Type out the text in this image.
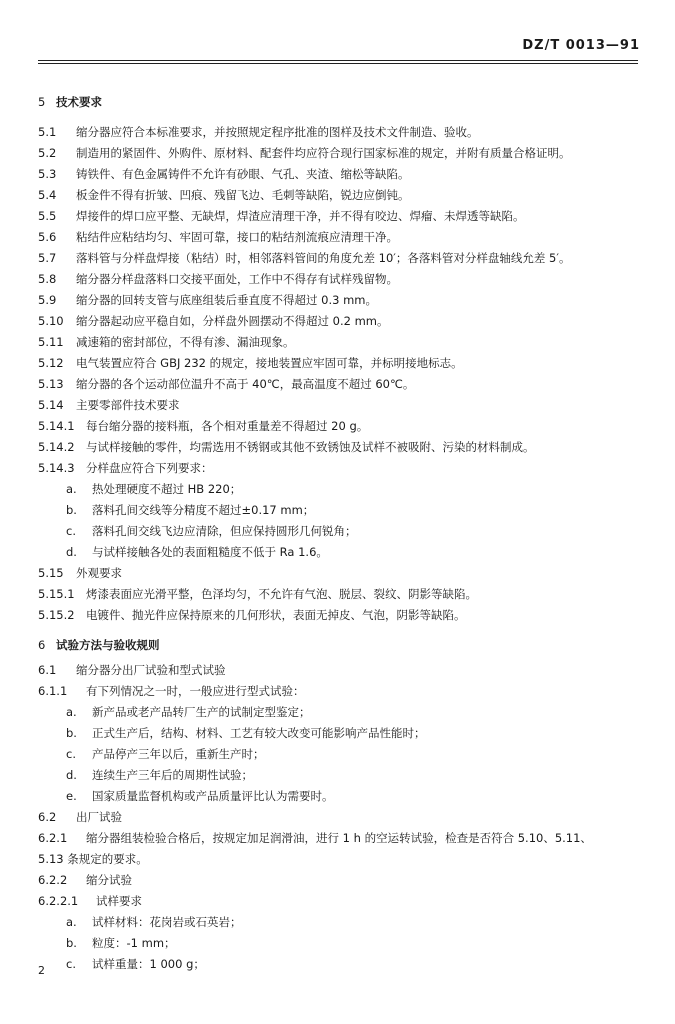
DZ/T 0013—91
5 技术要求
5.1 缩分器应符合本标准要求，并按照规定程序批准的图样及技术文件制造、验收。
5.2 制造用的紧固件、外购件、原材料、配套件均应符合现行国家标准的规定，并附有质量合格证明。
5.3 铸铁件、有色金属铸件不允许有砂眼、气孔、夹渣、缩松等缺陷。
5.4 板金件不得有折皱、凹痕、残留飞边、毛刺等缺陷，锐边应倒钝。
5.5 焊接件的焊口应平整、无缺焊，焊渣应清理干净，并不得有咬边、焊瘤、未焊透等缺陷。
5.6 粘结件应粘结均匀、牢固可靠，接口的粘结剂流痕应清理干净。
5.7 落料管与分样盘焊接（粘结）时，相邻落料管间的角度允差 10′；各落料管对分样盘轴线允差 5′。
5.8 缩分器分样盘落料口交接平面处，工作中不得存有试样残留物。
5.9 缩分器的回转支管与底座组装后垂直度不得超过 0.3 mm。
5.10 缩分器起动应平稳自如，分样盘外圆摆动不得超过 0.2 mm。
5.11 减速箱的密封部位，不得有渗、漏油现象。
5.12 电气装置应符合 GBJ 232 的规定，接地装置应牢固可靠，并标明接地标志。
5.13 缩分器的各个运动部位温升不高于 40℃，最高温度不超过 60℃。
5.14 主要零部件技术要求
5.14.1 每台缩分器的接料瓶，各个相对重量差不得超过 20 g。
5.14.2 与试样接触的零件，均需选用不锈钢或其他不致锈蚀及试样不被吸附、污染的材料制成。
5.14.3 分样盘应符合下列要求：
a. 热处理硬度不超过 HB 220；
b. 落料孔间交线等分精度不超过±0.17 mm；
c. 落料孔间交线飞边应清除，但应保持圆形几何锐角；
d. 与试样接触各处的表面粗糙度不低于 Ra 1.6。
5.15 外观要求
5.15.1 烤漆表面应光滑平整，色泽均匀，不允许有气泡、脱层、裂纹、阴影等缺陷。
5.15.2 电镀件、抛光件应保持原来的几何形状，表面无掉皮、气泡，阴影等缺陷。
6 试验方法与验收规则
6.1 缩分器分出厂试验和型式试验
6.1.1 有下列情况之一时，一般应进行型式试验：
a. 新产品或老产品转厂生产的试制定型鉴定；
b. 正式生产后，结构、材料、工艺有较大改变可能影响产品性能时；
c. 产品停产三年以后，重新生产时；
d. 连续生产三年后的周期性试验；
e. 国家质量监督机构或产品质量评比认为需要时。
6.2 出厂试验
6.2.1 缩分器组装检验合格后，按规定加足润滑油，进行 1 h 的空运转试验，检查是否符合 5.10、5.11、
5.13 条规定的要求。
6.2.2 缩分试验
6.2.2.1 试样要求
a. 试样材料：花岗岩或石英岩；
b. 粒度：-1 mm；
c. 试样重量：1 000 g；
2
